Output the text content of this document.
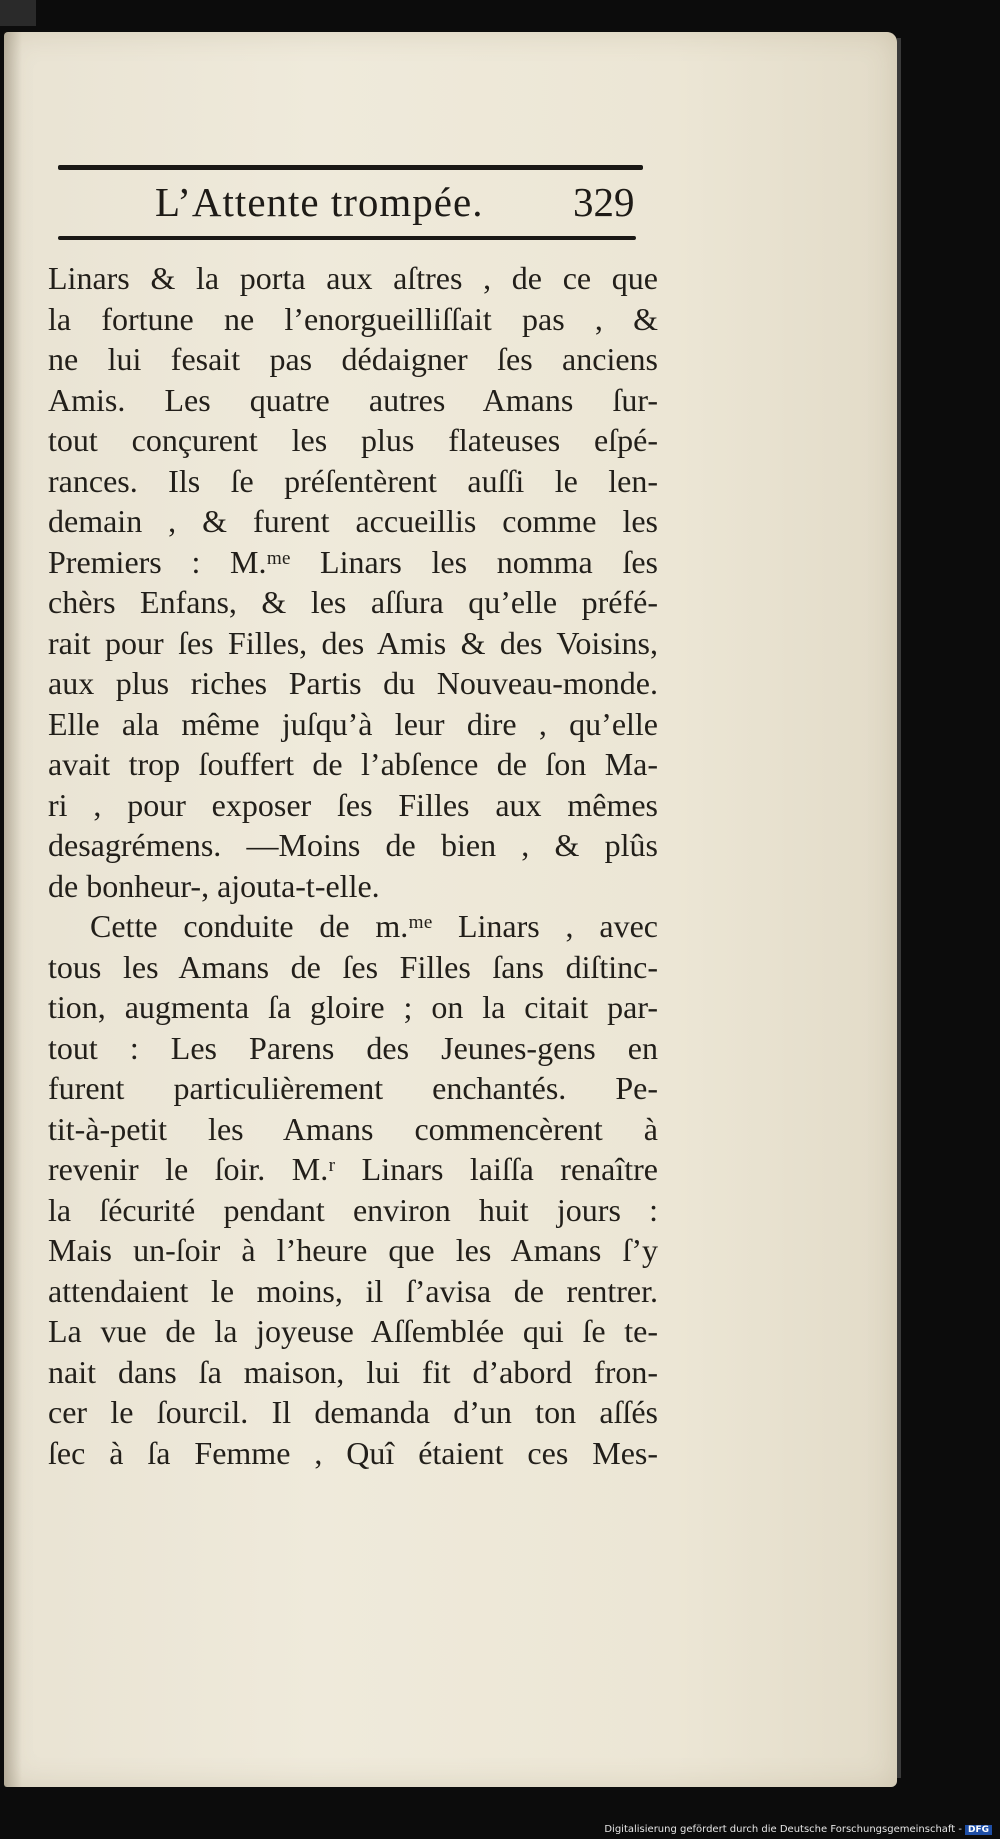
L’Attente trompée. 329
Linars & la porta aux aſtres , de ce que
la fortune ne l’enorgueilliſſait pas , &
ne lui fesait pas dédaigner ſes anciens
Amis. Les quatre autres Amans ſur-
tout conçurent les plus flateuses eſpé-
rances. Ils ſe préſentèrent auſſi le len-
demain , & furent accueillis comme les
Premiers : M.ᵐᵉ Linars les nomma ſes
chèrs Enfans, & les aſſura qu’elle préfé-
rait pour ſes Filles, des Amis & des Voisins,
aux plus riches Partis du Nouveau-monde.
Elle ala même juſqu’à leur dire , qu’elle
avait trop ſouffert de l’abſence de ſon Ma-
ri , pour exposer ſes Filles aux mêmes
desagrémens. —Moins de bien , & plûs
de bonheur-, ajouta-t-elle.
Cette conduite de m.ᵐᵉ Linars , avec
tous les Amans de ſes Filles ſans diſtinc-
tion, augmenta ſa gloire ; on la citait par-
tout : Les Parens des Jeunes-gens en
furent particulièrement enchantés. Pe-
tit-à-petit les Amans commencèrent à
revenir le ſoir. M.ʳ Linars laiſſa renaître
la ſécurité pendant environ huit jours :
Mais un-ſoir à l’heure que les Amans ſ’y
attendaient le moins, il ſ’avisa de rentrer.
La vue de la joyeuse Aſſemblée qui ſe te-
nait dans ſa maison, lui fit d’abord fron-
cer le ſourcil. Il demanda d’un ton aſſés
ſec à ſa Femme , Quî étaient ces Mes-
Digitalisierung gefördert durch die Deutsche Forschungsgemeinschaft - DFG
